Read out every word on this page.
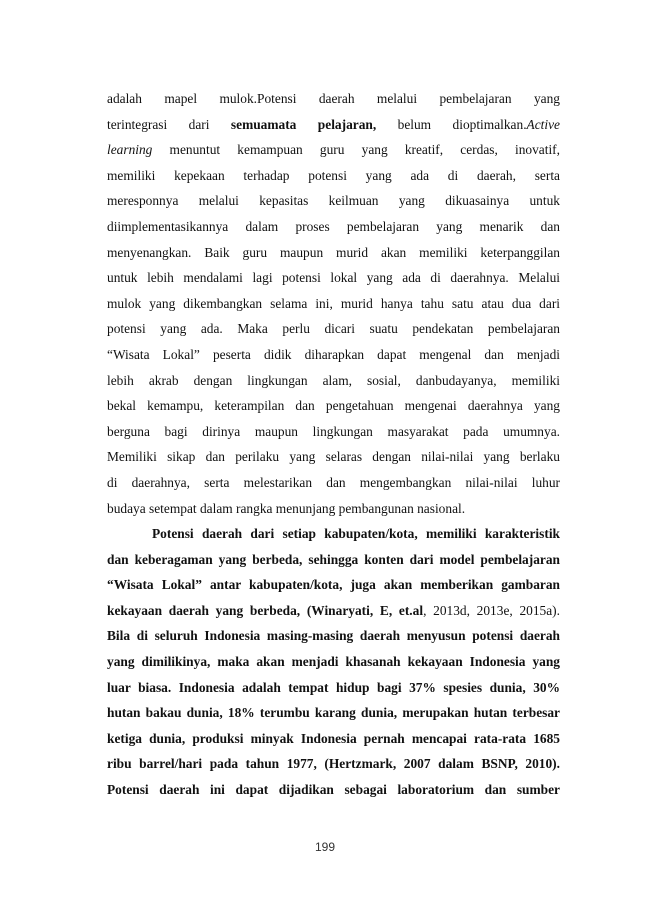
adalah mapel mulok.Potensi daerah melalui pembelajaran yang
terintegrasi dari semuamata pelajaran, belum dioptimalkan.Active
learning menuntut kemampuan guru yang kreatif, cerdas, inovatif,
memiliki kepekaan terhadap potensi yang ada di daerah, serta
meresponnya melalui kepasitas keilmuan yang dikuasainya untuk
diimplementasikannya dalam proses pembelajaran yang menarik dan
menyenangkan. Baik guru maupun murid akan memiliki keterpanggilan
untuk lebih mendalami lagi potensi lokal yang ada di daerahnya. Melalui
mulok yang dikembangkan selama ini, murid hanya tahu satu atau dua dari
potensi yang ada. Maka perlu dicari suatu pendekatan pembelajaran
“Wisata Lokal” peserta didik diharapkan dapat mengenal dan menjadi
lebih akrab dengan lingkungan alam, sosial, danbudayanya, memiliki
bekal kemampu, keterampilan dan pengetahuan mengenai daerahnya yang
berguna bagi dirinya maupun lingkungan masyarakat pada umumnya.
Memiliki sikap dan perilaku yang selaras dengan nilai-nilai yang berlaku
di daerahnya, serta melestarikan dan mengembangkan nilai-nilai luhur
budaya setempat dalam rangka menunjang pembangunan nasional.
Potensi daerah dari setiap kabupaten/kota, memiliki karakteristik
dan keberagaman yang berbeda, sehingga konten dari model pembelajaran
“Wisata Lokal” antar kabupaten/kota, juga akan memberikan gambaran
kekayaan daerah yang berbeda, (Winaryati, E, et.al, 2013d, 2013e, 2015a).
Bila di seluruh Indonesia masing-masing daerah menyusun potensi daerah
yang dimilikinya, maka akan menjadi khasanah kekayaan Indonesia yang
luar biasa. Indonesia adalah tempat hidup bagi 37% spesies dunia, 30%
hutan bakau dunia, 18% terumbu karang dunia, merupakan hutan terbesar
ketiga dunia, produksi minyak Indonesia pernah mencapai rata-rata 1685
ribu barrel/hari pada tahun 1977, (Hertzmark, 2007 dalam BSNP, 2010).
Potensi daerah ini dapat dijadikan sebagai laboratorium dan sumber
199
